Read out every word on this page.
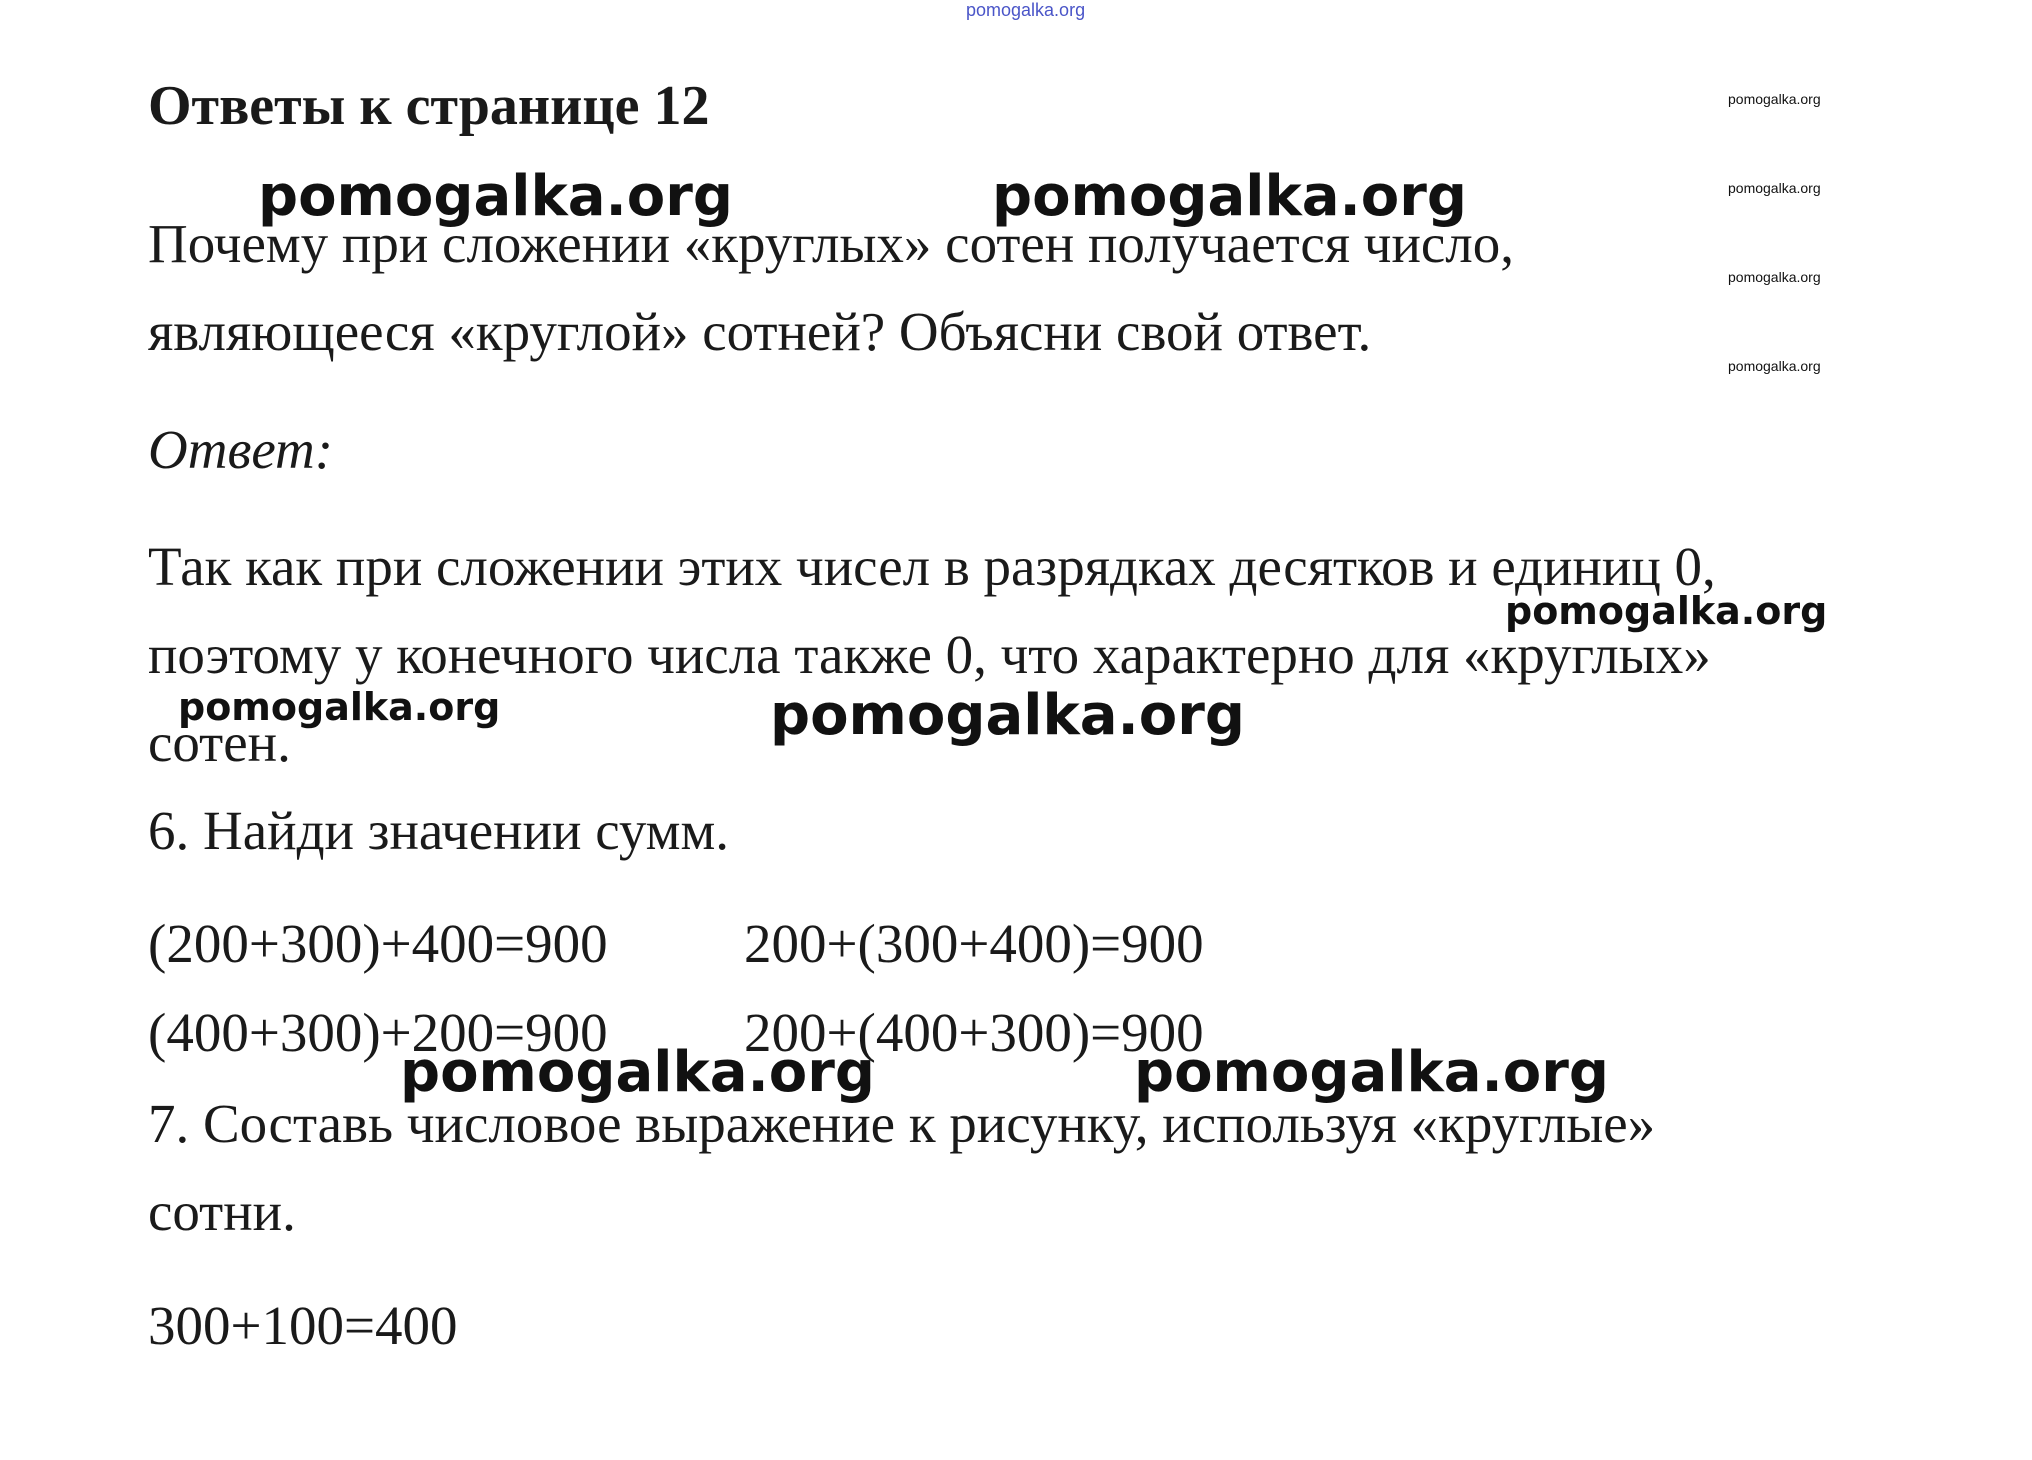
pomogalka.org
Ответы к странице 12	pomogalka.org
pomogalka.org
pomogalka.org
pomogalka.org
Почему при сложении «круглых» сотен получается число,
являющееся «круглой» сотней? Объясни свой ответ.
pomogalka.org	pomogalka.org
Ответ:
Так как при сложении этих чисел в разрядках десятков и единиц 0,
поэтому у конечного числа также 0, что характерно для «круглых»
сотен.
pomogalka.org
pomogalka.org	pomogalka.org
6. Найди значении сумм.
(200+300)+400=900 200+(300+400)=900
(400+300)+200=900 200+(400+300)=900
pomogalka.org	pomogalka.org
7. Составь числовое выражение к рисунку, используя «круглые»
сотни.
300+100=400
